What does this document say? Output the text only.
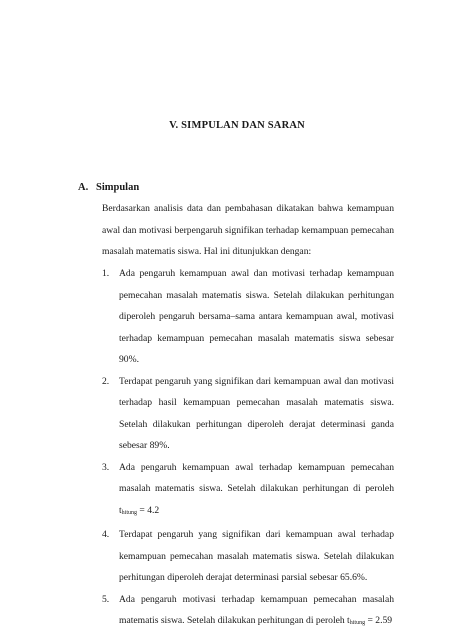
V. SIMPULAN DAN SARAN
A. Simpulan

Berdasarkan analisis data dan pembahasan dikatakan bahwa kemampuan awal dan motivasi berpengaruh signifikan terhadap kemampuan pemecahan masalah matematis siswa. Hal ini ditunjukkan dengan:

1. Ada pengaruh kemampuan awal dan motivasi terhadap kemampuan pemecahan masalah matematis siswa. Setelah dilakukan perhitungan diperoleh pengaruh bersama–sama antara kemampuan awal, motivasi terhadap kemampuan pemecahan masalah matematis siswa sebesar 90%.
2. Terdapat pengaruh yang signifikan dari kemampuan awal dan motivasi terhadap hasil kemampuan pemecahan masalah matematis siswa. Setelah dilakukan perhitungan diperoleh derajat determinasi ganda sebesar 89%.
3. Ada pengaruh kemampuan awal terhadap kemampuan pemecahan masalah matematis siswa. Setelah dilakukan perhitungan di peroleh thitung = 4.2
4. Terdapat pengaruh yang signifikan dari kemampuan awal terhadap kemampuan pemecahan masalah matematis siswa. Setelah dilakukan perhitungan diperoleh derajat determinasi parsial sebesar 65.6%.
5. Ada pengaruh motivasi terhadap kemampuan pemecahan masalah matematis siswa. Setelah dilakukan perhitungan di peroleh thitung = 2.59
